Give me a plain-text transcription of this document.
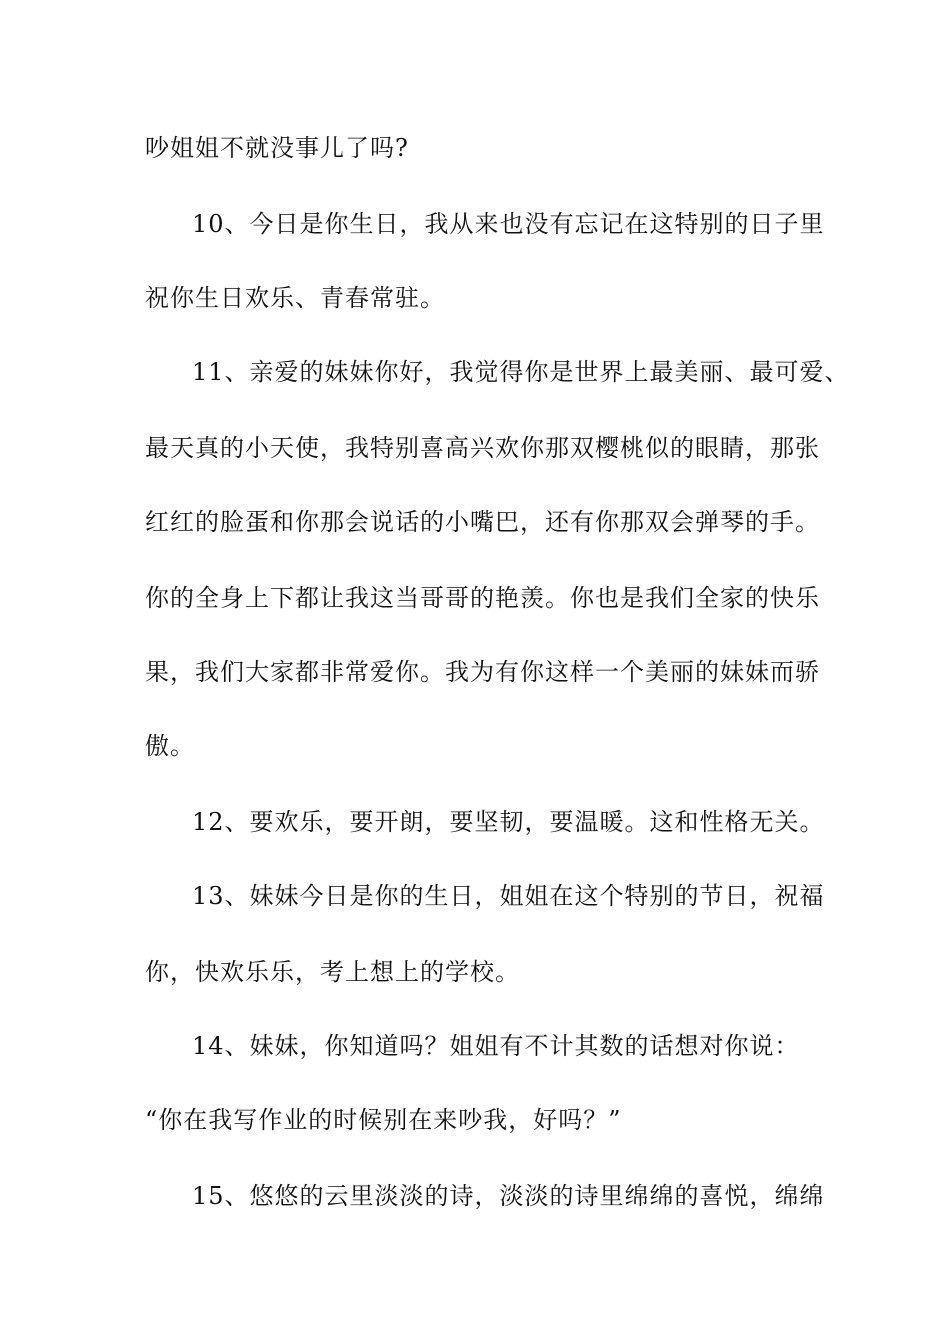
吵姐姐不就没事儿了吗?
10、今日是你生日，我从来也没有忘记在这特别的日子里
祝你生日欢乐、青春常驻。
11、亲爱的妹妹你好，我觉得你是世界上最美丽、最可爱、
最天真的小天使，我特别喜高兴欢你那双樱桃似的眼睛，那张
红红的脸蛋和你那会说话的小嘴巴，还有你那双会弹琴的手。
你的全身上下都让我这当哥哥的艳羡。你也是我们全家的快乐
果，我们大家都非常爱你。我为有你这样一个美丽的妹妹而骄
傲。
12、要欢乐，要开朗，要坚韧，要温暖。这和性格无关。
13、妹妹今日是你的生日，姐姐在这个特别的节日，祝福
你，快欢乐乐，考上想上的学校。
14、妹妹，你知道吗？姐姐有不计其数的话想对你说：
“你在我写作业的时候别在来吵我，好吗？”
15、悠悠的云里淡淡的诗，淡淡的诗里绵绵的喜悦，绵绵
